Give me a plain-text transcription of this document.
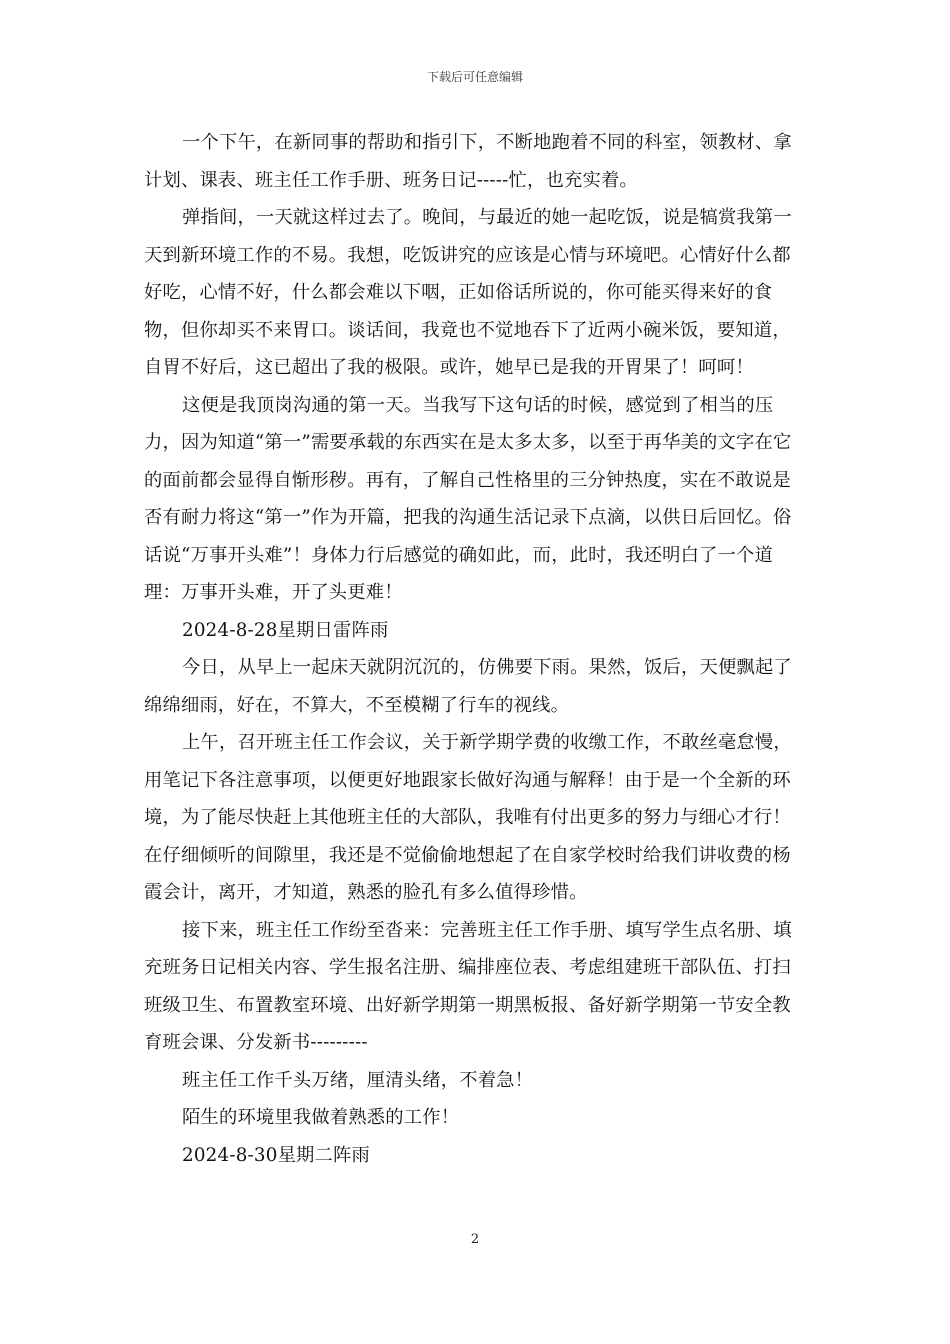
下载后可任意编辑

一个下午，在新同事的帮助和指引下，不断地跑着不同的科室，领教材、拿计划、课表、班主任工作手册、班务日记-----忙，也充实着。

弹指间，一天就这样过去了。晚间，与最近的她一起吃饭，说是犒赏我第一天到新环境工作的不易。我想，吃饭讲究的应该是心情与环境吧。心情好什么都好吃，心情不好，什么都会难以下咽，正如俗话所说的，你可能买得来好的食物，但你却买不来胃口。谈话间，我竟也不觉地吞下了近两小碗米饭，要知道，自胃不好后，这已超出了我的极限。或许，她早已是我的开胃果了！呵呵！

这便是我顶岗沟通的第一天。当我写下这句话的时候，感觉到了相当的压力，因为知道“第一”需要承载的东西实在是太多太多，以至于再华美的文字在它的面前都会显得自惭形秽。再有，了解自己性格里的三分钟热度，实在不敢说是否有耐力将这“第一”作为开篇，把我的沟通生活记录下点滴，以供日后回忆。俗话说“万事开头难”！身体力行后感觉的确如此，而，此时，我还明白了一个道理：万事开头难，开了头更难！

2024-8-28星期日雷阵雨

今日，从早上一起床天就阴沉沉的，仿佛要下雨。果然，饭后，天便飘起了绵绵细雨，好在，不算大，不至模糊了行车的视线。

上午，召开班主任工作会议，关于新学期学费的收缴工作，不敢丝毫怠慢，用笔记下各注意事项，以便更好地跟家长做好沟通与解释！由于是一个全新的环境，为了能尽快赶上其他班主任的大部队，我唯有付出更多的努力与细心才行！在仔细倾听的间隙里，我还是不觉偷偷地想起了在自家学校时给我们讲收费的杨霞会计，离开，才知道，熟悉的脸孔有多么值得珍惜。

接下来，班主任工作纷至沓来：完善班主任工作手册、填写学生点名册、填充班务日记相关内容、学生报名注册、编排座位表、考虑组建班干部队伍、打扫班级卫生、布置教室环境、出好新学期第一期黑板报、备好新学期第一节安全教育班会课、分发新书---------

班主任工作千头万绪，厘清头绪，不着急！

陌生的环境里我做着熟悉的工作！

2024-8-30星期二阵雨

2
